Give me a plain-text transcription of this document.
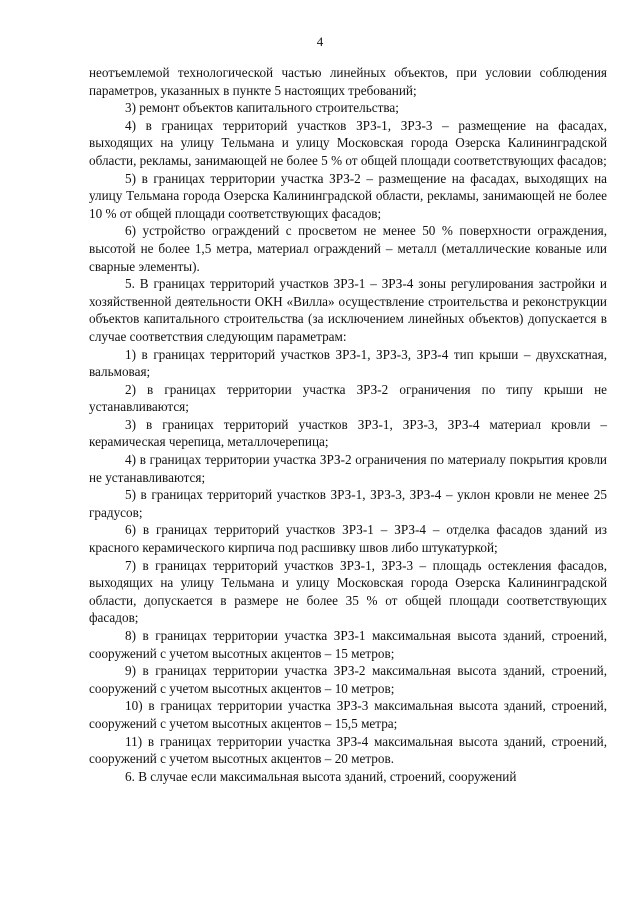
4

неотъемлемой технологической частью линейных объектов, при условии соблюдения параметров, указанных в пункте 5 настоящих требований;

3) ремонт объектов капитального строительства;

4) в границах территорий участков ЗРЗ-1, ЗРЗ-3 – размещение на фасадах, выходящих на улицу Тельмана и улицу Московская города Озерска Калининградской области, рекламы, занимающей не более 5 % от общей площади соответствующих фасадов;

5) в границах территории участка ЗРЗ-2 – размещение на фасадах, выходящих на улицу Тельмана города Озерска Калининградской области, рекламы, занимающей не более 10 % от общей площади соответствующих фасадов;

6) устройство ограждений с просветом не менее 50 % поверхности ограждения, высотой не более 1,5 метра, материал ограждений – металл (металлические кованые или сварные элементы).

5. В границах территорий участков ЗРЗ-1 – ЗРЗ-4 зоны регулирования застройки и хозяйственной деятельности ОКН «Вилла» осуществление строительства и реконструкции объектов капитального строительства (за исключением линейных объектов) допускается в случае соответствия следующим параметрам:

1) в границах территорий участков ЗРЗ-1, ЗРЗ-3, ЗРЗ-4 тип крыши – двухскатная, вальмовая;

2) в границах территории участка ЗРЗ-2 ограничения по типу крыши не устанавливаются;

3) в границах территорий участков ЗРЗ-1, ЗРЗ-3, ЗРЗ-4 материал кровли – керамическая черепица, металлочерепица;

4) в границах территории участка ЗРЗ-2 ограничения по материалу покрытия кровли не устанавливаются;

5) в границах территорий участков ЗРЗ-1, ЗРЗ-3, ЗРЗ-4 – уклон кровли не менее 25 градусов;

6) в границах территорий участков ЗРЗ-1 – ЗРЗ-4 – отделка фасадов зданий из красного керамического кирпича под расшивку швов либо штукатуркой;

7) в границах территорий участков ЗРЗ-1, ЗРЗ-3 – площадь остекления фасадов, выходящих на улицу Тельмана и улицу Московская города Озерска Калининградской области, допускается в размере не более 35 % от общей площади соответствующих фасадов;

8) в границах территории участка ЗРЗ-1 максимальная высота зданий, строений, сооружений с учетом высотных акцентов – 15 метров;

9) в границах территории участка ЗРЗ-2 максимальная высота зданий, строений, сооружений с учетом высотных акцентов – 10 метров;

10) в границах территории участка ЗРЗ-3 максимальная высота зданий, строений, сооружений с учетом высотных акцентов – 15,5 метра;

11) в границах территории участка ЗРЗ-4 максимальная высота зданий, строений, сооружений с учетом высотных акцентов – 20 метров.

6. В случае если максимальная высота зданий, строений, сооружений
